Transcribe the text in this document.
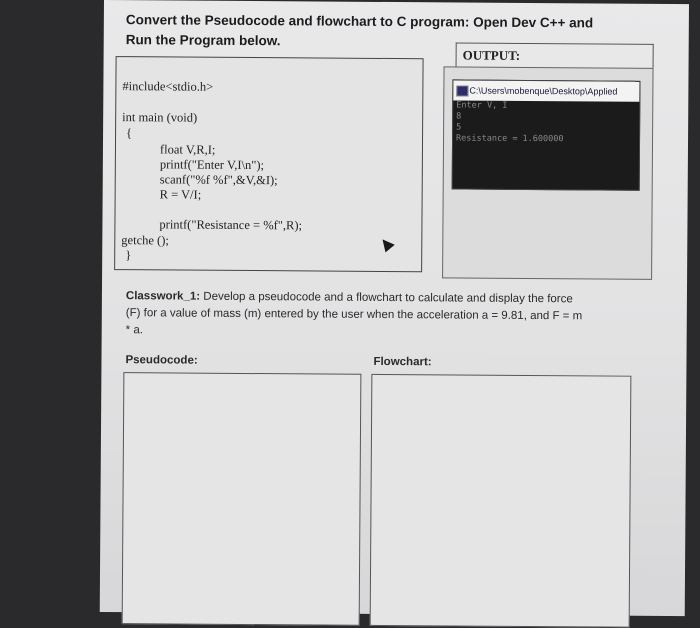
Convert the Pseudocode and flowchart to C program: Open Dev C++ and Run the Program below.
#include<stdio.h>
int main (void)
{
float V,R,I;
printf("Enter V,I\n");
scanf("%f %f",&V,&I);
R = V/I;
printf("Resistance = %f",R);
getche ();
}
OUTPUT:
C:\Users\mobenque\Desktop\Applied
Enter V, I
8
5
Resistance = 1.600000
Classwork_1: Develop a pseudocode and a flowchart to calculate and display the force (F) for a value of mass (m) entered by the user when the acceleration a = 9.81, and F = m * a.
Pseudocode:	Flowchart:
